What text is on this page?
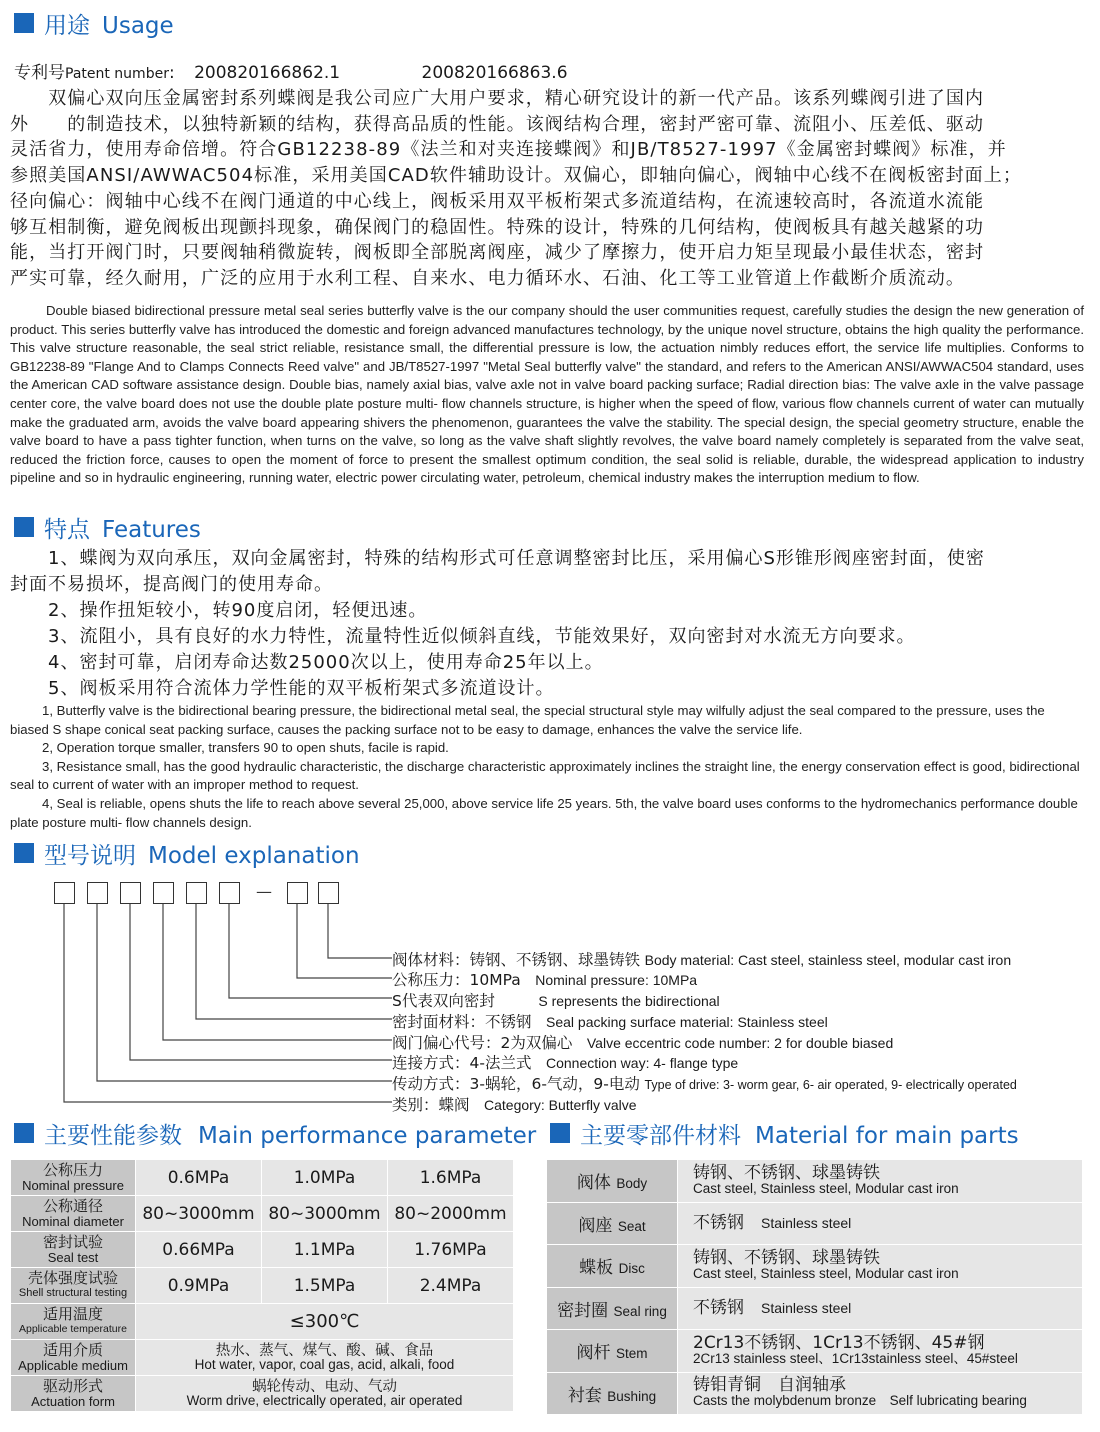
用途 Usage
专利号Patent number: 200820166862.1	200820166863.6

　　双偏心双向压金属密封系列蝶阀是我公司应广大用户要求，精心研究设计的新一代产品。该系列蝶阀引进了国内

外　　的制造技术，以独特新颖的结构，获得高品质的性能。该阀结构合理，密封严密可靠、流阻小、压差低、驱动

灵活省力，使用寿命倍增。符合GB12238-89《法兰和对夹连接蝶阀》和JB/T8527-1997《金属密封蝶阀》标准，并

参照美国ANSI/AWWAC504标准，采用美国CAD软件辅助设计。双偏心，即轴向偏心，阀轴中心线不在阀板密封面上；

径向偏心：阀轴中心线不在阀门通道的中心线上，阀板采用双平板桁架式多流道结构，在流速较高时，各流道水流能

够互相制衡，避免阀板出现颤抖现象，确保阀门的稳固性。特殊的设计，特殊的几何结构，使阀板具有越关越紧的功

能，当打开阀门时，只要阀轴稍微旋转，阀板即全部脱离阀座，减少了摩擦力，使开启力矩呈现最小最佳状态，密封

严实可靠，经久耐用，广泛的应用于水利工程、自来水、电力循环水、石油、化工等工业管道上作截断介质流动。

Double biased bidirectional pressure metal seal series butterfly valve is the our company should the user communities request, carefully studies the design the new generation of product. This series butterfly valve has introduced the domestic and foreign advanced manufactures technology, by the unique novel structure, obtains the high quality the performance. This valve structure reasonable, the seal strict reliable, resistance small, the differential pressure is low, the actuation nimbly reduces effort, the service life multiplies. Conforms to GB12238-89 "Flange And to Clamps Connects Reed valve" and JB/T8527-1997 "Metal Seal butterfly valve" the standard, and refers to the American ANSI/AWWAC504 standard, uses the American CAD software assistance design. Double bias, namely axial bias, valve axle not in valve board packing surface; Radial direction bias: The valve axle in the valve passage center core, the valve board does not use the double plate posture multi- flow channels structure, is higher when the speed of flow, various flow channels current of water can mutually make the graduated arm, avoids the valve board appearing shivers the phenomenon, guarantees the valve the stability. The special design, the special geometry structure, enable the valve board to have a pass tighter function, when turns on the valve, so long as the valve shaft slightly revolves, the valve board namely completely is separated from the valve seat, reduced the friction force, causes to open the moment of force to present the smallest optimum condition, the seal solid is reliable, durable, the widespread application to industry pipeline and so in hydraulic engineering, running water, electric power circulating water, petroleum, chemical industry makes the interruption medium to flow.

特点 Features

　　1、蝶阀为双向承压，双向金属密封，特殊的结构形式可任意调整密封比压，采用偏心S形锥形阀座密封面，使密

封面不易损坏，提高阀门的使用寿命。

　　2、操作扭矩较小，转90度启闭，轻便迅速。

　　3、流阻小，具有良好的水力特性，流量特性近似倾斜直线，节能效果好，双向密封对水流无方向要求。

　　4、密封可靠，启闭寿命达数25000次以上，使用寿命25年以上。

　　5、阀板采用符合流体力学性能的双平板桁架式多流道设计。

1, Butterfly valve is the bidirectional bearing pressure, the bidirectional metal seal, the special structural style may wilfully adjust the seal compared to the pressure, uses the biased S shape conical seat packing surface, causes the packing surface not to be easy to damage, enhances the valve the service life.

2, Operation torque smaller, transfers 90 to open shuts, facile is rapid.

3, Resistance small, has the good hydraulic characteristic, the discharge characteristic approximately inclines the straight line, the energy conservation effect is good, bidirectional seal to current of water with an improper method to request.

4, Seal is reliable, opens shuts the life to reach above several 25,000, above service life 25 years. 5th, the valve board uses conforms to the hydromechanics performance double plate posture multi- flow channels design.

型号说明 Model explanation
—
阀体材料：铸钢、不锈钢、球墨铸铁 Body material: Cast steel, stainless steel, modular cast iron
公称压力：10MPa　 Nominal pressure: 10MPa
S代表双向密封　　　	S represents the bidirectional
密封面材料：不锈钢　 Seal packing surface material: Stainless steel
阀门偏心代号：2为双偏心　 Valve eccentric code number: 2 for double biased
连接方式：4-法兰式　 Connection way: 4- flange type
传动方式：3-蜗轮，6-气动，9-电动 Type of drive: 3- worm gear, 6- air operated, 9- electrically operated
类别：蝶阀　 Category: Butterfly valve
主要性能参数 Main performance parameter
公称压力
Nominal pressure	0.6MPa	1.0MPa	1.6MPa
公称通径
Nominal diameter	80~3000mm	80~3000mm	80~2000mm
密封试验
Seal test	0.66MPa	1.1MPa	1.76MPa
壳体强度试验
Shell structural testing	0.9MPa	1.5MPa	2.4MPa
适用温度
Applicable temperature	≤300℃		
适用介质
Applicable medium	热水、蒸气、煤气、酸、碱、食品
Hot water, vapor, coal gas, acid, alkali, food		

驱动形式
Actuation form	蜗轮传动、电动、气动
Worm drive, electrically operated, air operated		
主要零部件材料 Material for main parts
阀体 Body	铸钢、不锈钢、球墨铸铁
Cast steel, Stainless steel, Modular cast iron

阀座 Seat	不锈钢　 Stainless steel
蝶板 Disc	铸钢、不锈钢、球墨铸铁
Cast steel, Stainless steel, Modular cast iron

密封圈 Seal ring	不锈钢　 Stainless steel
阀杆 Stem	2Cr13不锈钢、1Cr13不锈钢、45#钢
2Cr13 stainless steel、1Cr13stainless steel、45#steel

衬套 Bushing	铸钼青铜　自润轴承
Casts the molybdenum bronze　Self lubricating bearing
